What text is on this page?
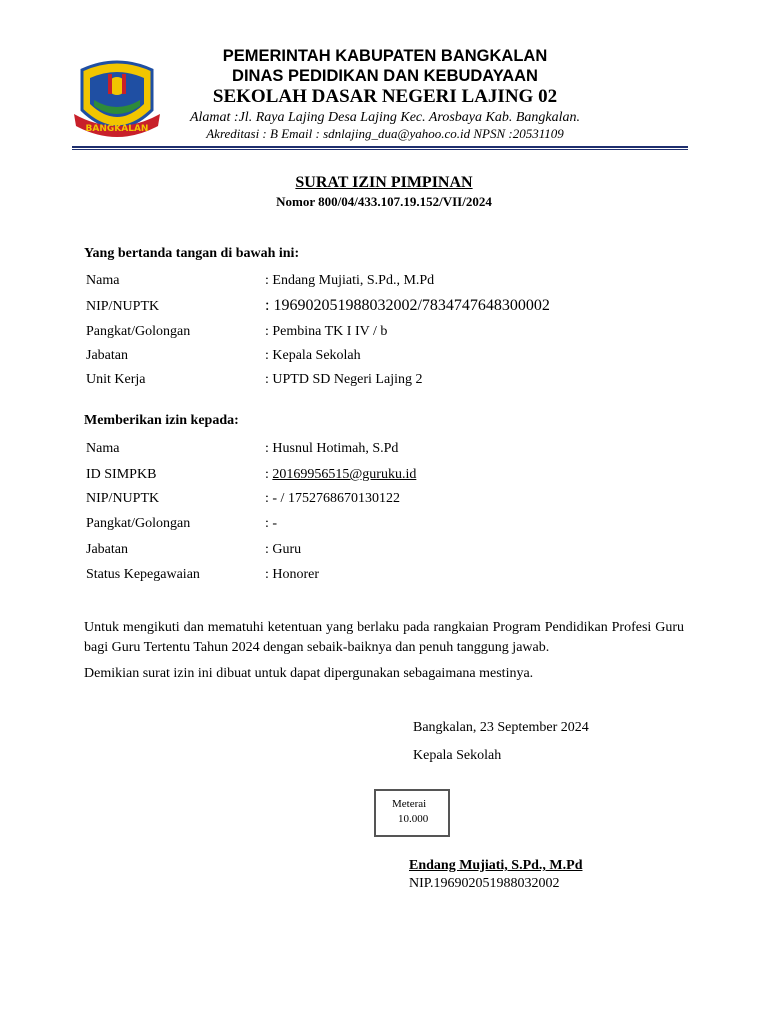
BANGKALAN
PEMERINTAH KABUPATEN BANGKALAN
DINAS PEDIDIKAN DAN KEBUDAYAAN
SEKOLAH DASAR NEGERI LAJING 02
Alamat :Jl. Raya Lajing Desa Lajing Kec. Arosbaya Kab. Bangkalan.
Akreditasi : B Email : sdnlajing_dua@yahoo.co.id NPSN :20531109
SURAT IZIN PIMPINAN
Nomor 800/04/433.107.19.152/VII/2024
Yang bertanda tangan di bawah ini:
Nama	: Endang Mujiati, S.Pd., M.Pd
NIP/NUPTK	: 196902051988032002/7834747648300002
Pangkat/Golongan	: Pembina TK I IV / b
Jabatan	: Kepala Sekolah
Unit Kerja	: UPTD SD Negeri Lajing 2
Memberikan izin kepada:
Nama	: Husnul Hotimah, S.Pd
ID SIMPKB	: 20169956515@guruku.id
NIP/NUPTK	: - / 1752768670130122
Pangkat/Golongan	: -
Jabatan	: Guru
Status Kepegawaian	: Honorer
Untuk mengikuti dan mematuhi ketentuan yang berlaku pada rangkaian Program Pendidikan Profesi Guru bagi Guru Tertentu Tahun 2024 dengan sebaik-baiknya dan penuh tanggung jawab.
Demikian surat izin ini dibuat untuk dapat dipergunakan sebagaimana mestinya.
Bangkalan, 23 September 2024
Kepala Sekolah
Meterai
10.000
Endang Mujiati, S.Pd., M.Pd
NIP.196902051988032002
